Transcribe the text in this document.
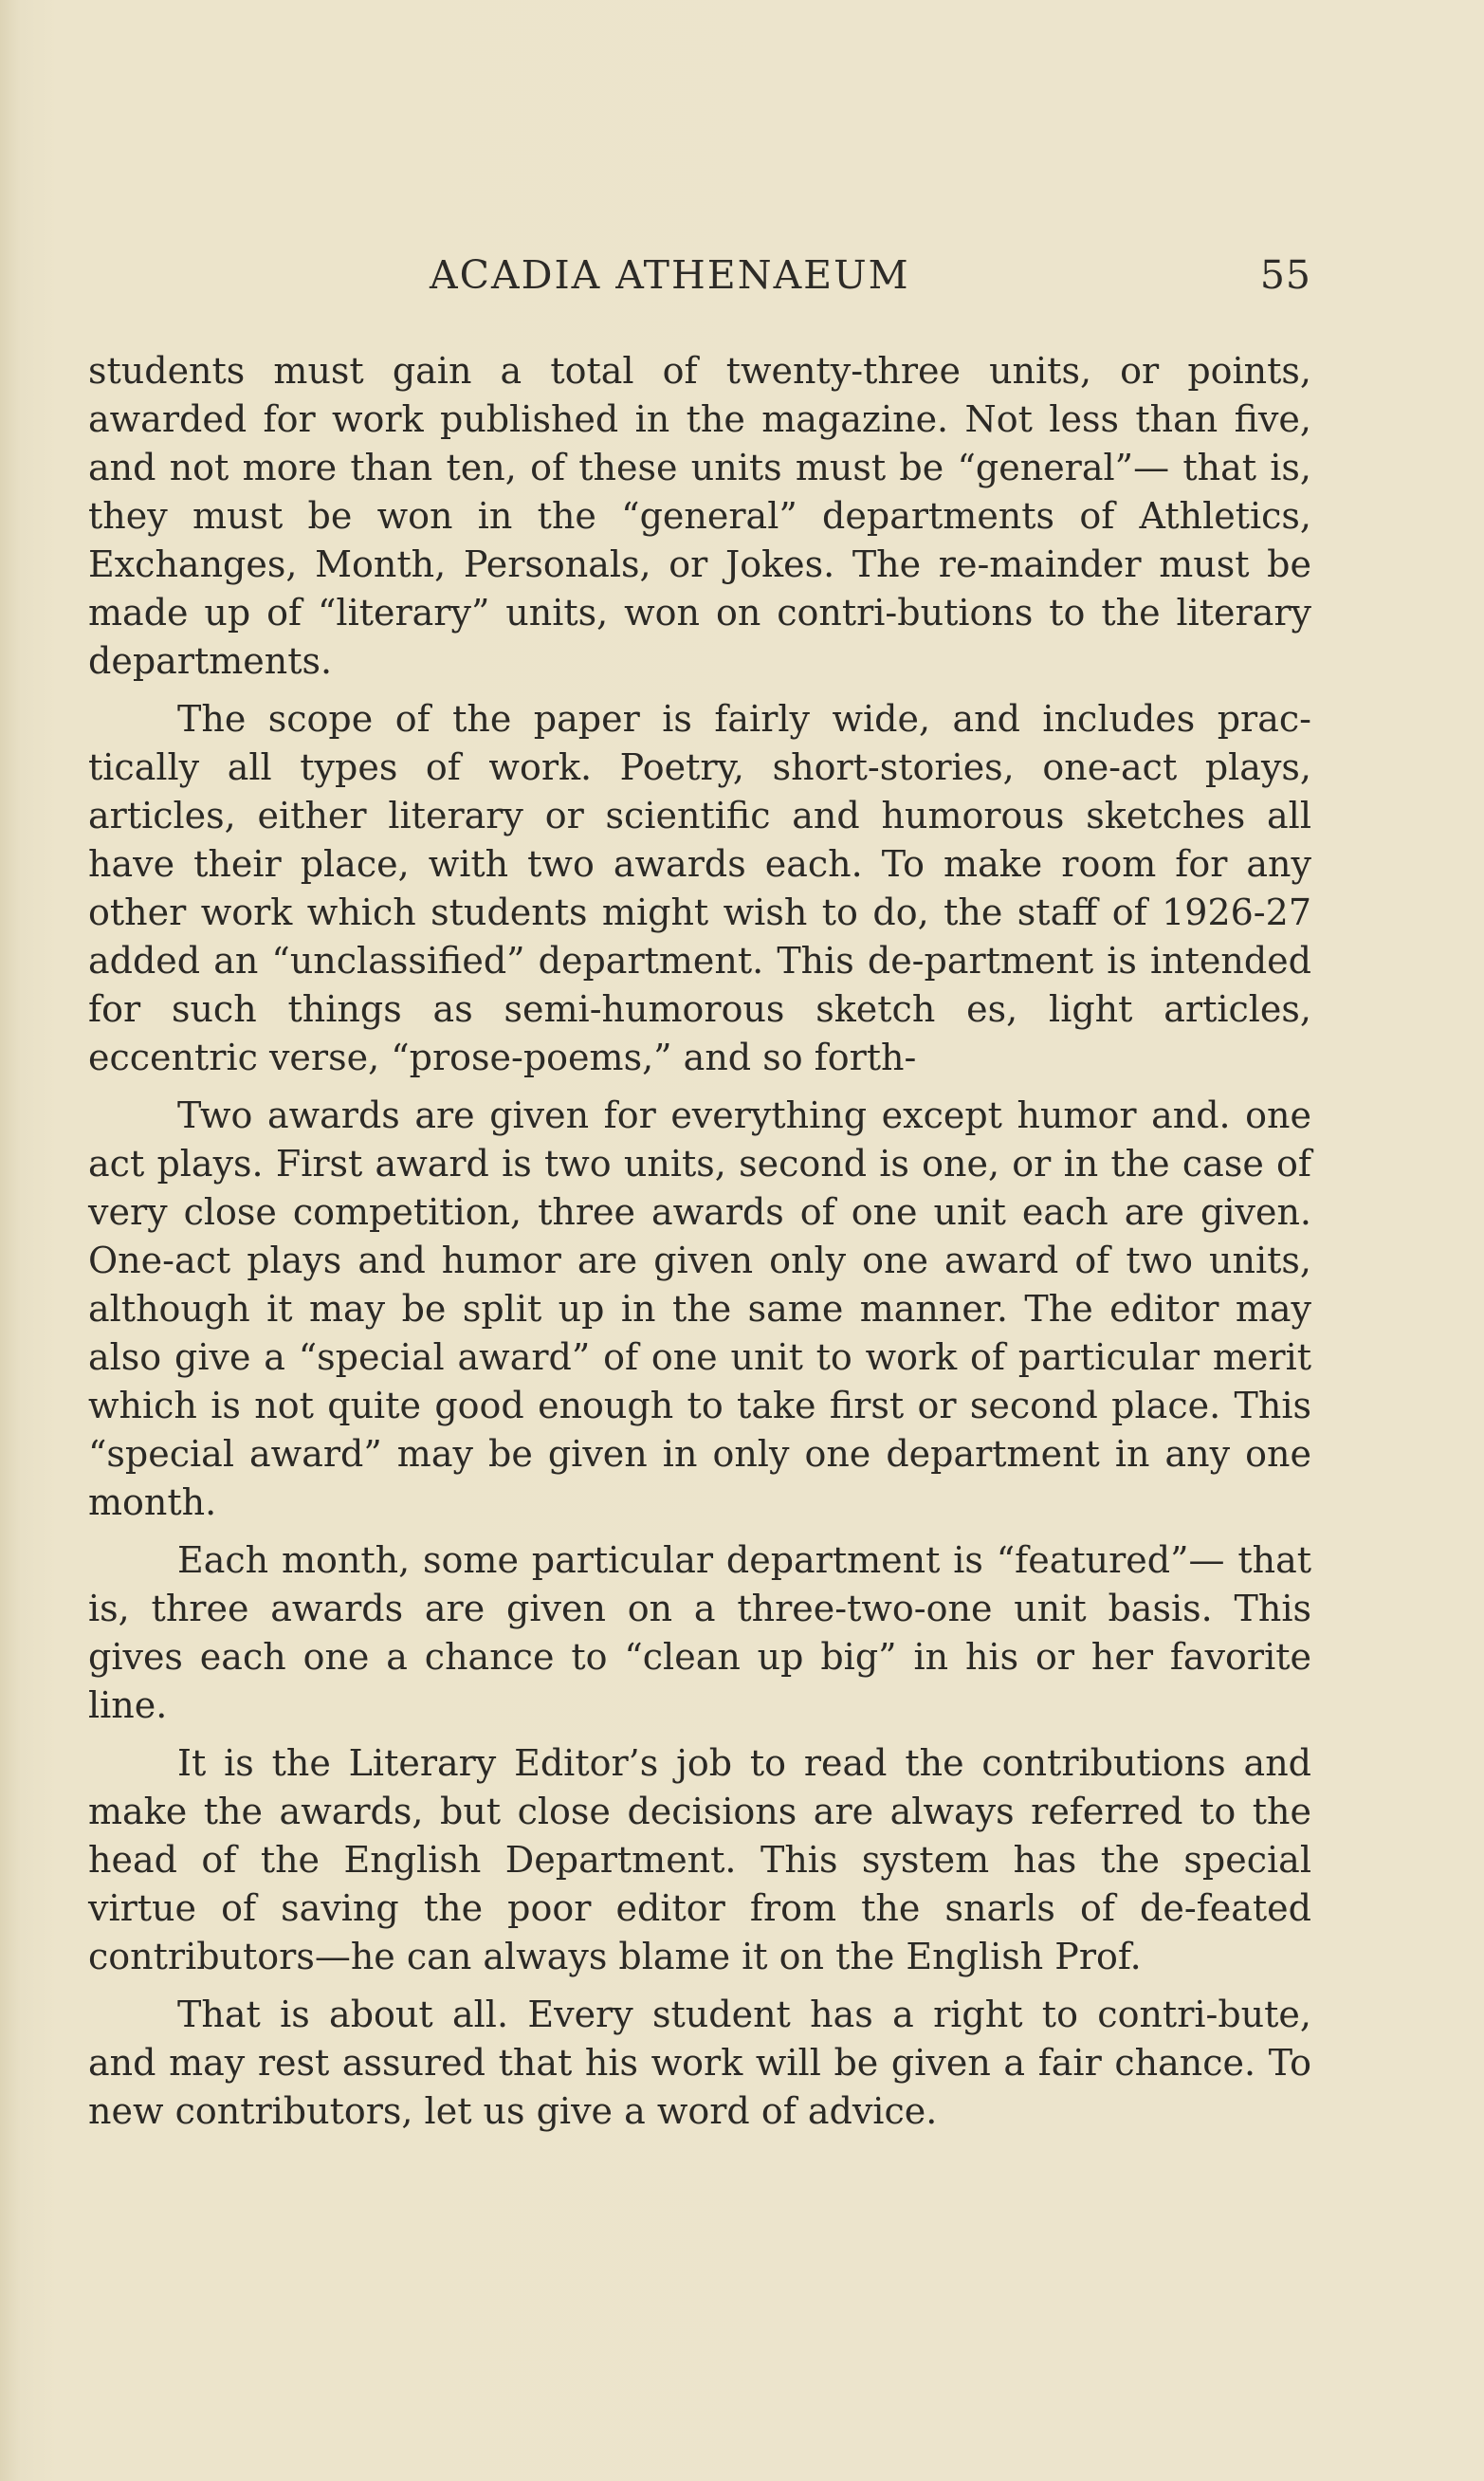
ACADIA ATHENAEUM	55

students must gain a total of twenty-three units, or points, awarded for work published in the magazine. Not less than five, and not more than ten, of these units must be “general”— that is, they must be won in the “general” departments of Athletics, Exchanges, Month, Personals, or Jokes. The re-mainder must be made up of “literary” units, won on contri-butions to the literary departments.

The scope of the paper is fairly wide, and includes prac-tically all types of work. Poetry, short-stories, one-act plays, articles, either literary or scientific and humorous sketches all have their place, with two awards each. To make room for any other work which students might wish to do, the staff of 1926-27 added an “unclassified” department. This de-partment is intended for such things as semi-humorous sketch es, light articles, eccentric verse, “prose-poems,” and so forth-

Two awards are given for everything except humor and. one act plays. First award is two units, second is one, or in the case of very close competition, three awards of one unit each are given. One-act plays and humor are given only one award of two units, although it may be split up in the same manner. The editor may also give a “special award” of one unit to work of particular merit which is not quite good enough to take first or second place. This “special award” may be given in only one department in any one month.

Each month, some particular department is “featured”— that is, three awards are given on a three-two-one unit basis. This gives each one a chance to “clean up big” in his or her favorite line.

It is the Literary Editor’s job to read the contributions and make the awards, but close decisions are always referred to the head of the English Department. This system has the special virtue of saving the poor editor from the snarls of de-feated contributors—he can always blame it on the English Prof.

That is about all. Every student has a right to contri-bute, and may rest assured that his work will be given a fair chance. To new contributors, let us give a word of advice.
